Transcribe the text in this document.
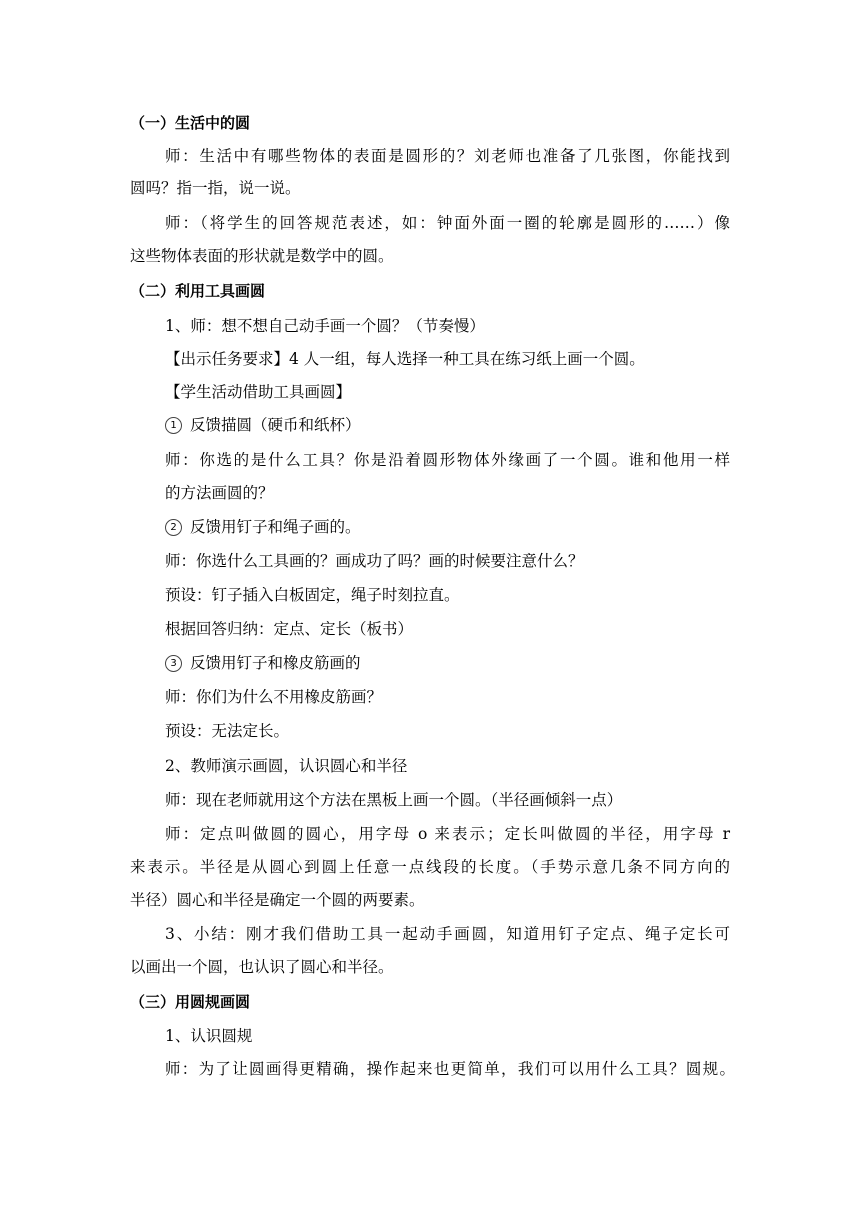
（一）生活中的圆
师：生活中有哪些物体的表面是圆形的？刘老师也准备了几张图，你能找到
圆吗？指一指，说一说。
师：（将学生的回答规范表述，如：钟面外面一圈的轮廓是圆形的……）像
这些物体表面的形状就是数学中的圆。
（二）利用工具画圆
1、师：想不想自己动手画一个圆？（节奏慢）
【出示任务要求】4 人一组，每人选择一种工具在练习纸上画一个圆。
【学生活动借助工具画圆】
1 反馈描圆（硬币和纸杯）
师：你选的是什么工具？你是沿着圆形物体外缘画了一个圆。谁和他用一样
的方法画圆的？
2 反馈用钉子和绳子画的。
师：你选什么工具画的？画成功了吗？画的时候要注意什么？
预设：钉子插入白板固定，绳子时刻拉直。
根据回答归纳：定点、定长（板书）
3 反馈用钉子和橡皮筋画的
师：你们为什么不用橡皮筋画？
预设：无法定长。
2、教师演示画圆，认识圆心和半径
师：现在老师就用这个方法在黑板上画一个圆。（半径画倾斜一点）
师：定点叫做圆的圆心，用字母 o 来表示；定长叫做圆的半径，用字母 r
来表示。半径是从圆心到圆上任意一点线段的长度。（手势示意几条不同方向的
半径）圆心和半径是确定一个圆的两要素。
3、小结：刚才我们借助工具一起动手画圆，知道用钉子定点、绳子定长可
以画出一个圆，也认识了圆心和半径。
（三）用圆规画圆
1、认识圆规
师：为了让圆画得更精确，操作起来也更简单，我们可以用什么工具？圆规。
